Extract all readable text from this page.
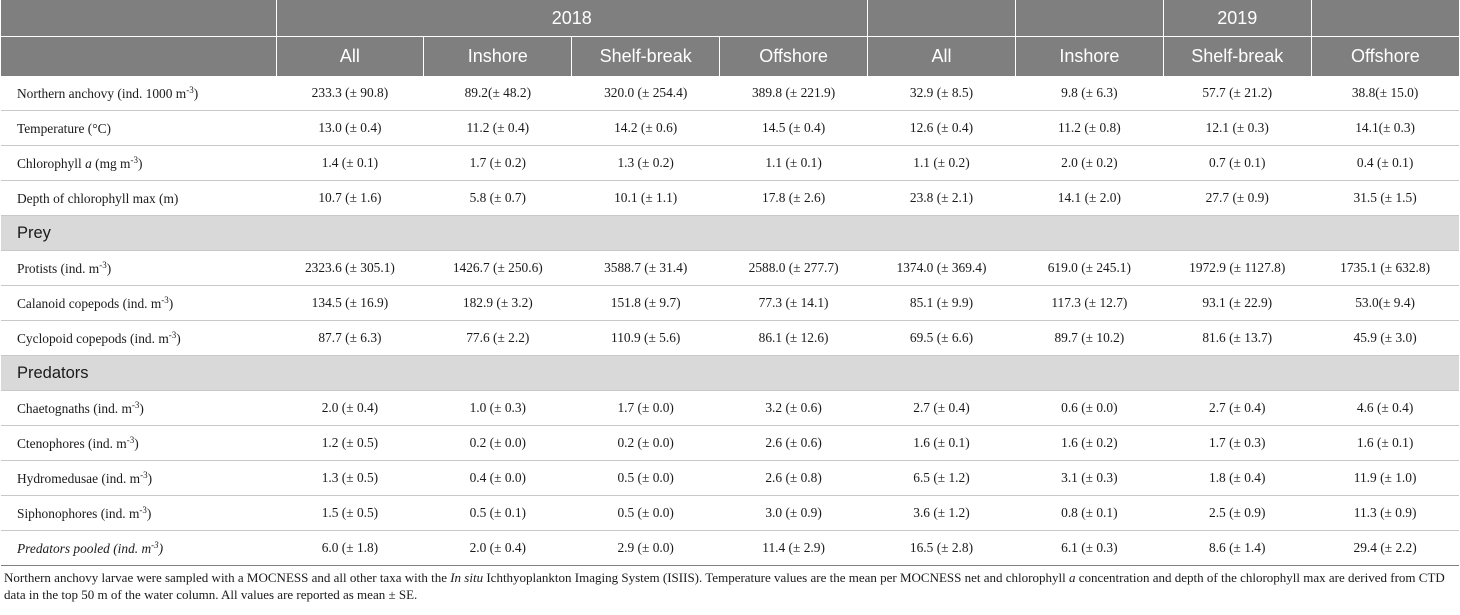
	2018						2019	
	All	Inshore	Shelf-break	Offshore	All	Inshore	Shelf-break	Offshore
Northern anchovy (ind. 1000 $m^{-3}$)	233.3 (± 90.8)	89.2(± 48.2)	320.0 (± 254.4)	389.8 (± 221.9)	32.9 (± 8.5)	9.8 (± 6.3)	57.7 (± 21.2)	38.8(± 15.0)
Temperature (°C)	13.0 (± 0.4)	11.2 (± 0.4)	14.2 (± 0.6)	14.5 (± 0.4)	12.6 (± 0.4)	11.2 (± 0.8)	12.1 (± 0.3)	14.1(± 0.3)
Chlorophyll a (mg $m^{-3}$)	1.4 (± 0.1)	1.7 (± 0.2)	1.3 (± 0.2)	1.1 (± 0.1)	1.1 (± 0.2)	2.0 (± 0.2)	0.7 (± 0.1)	0.4 (± 0.1)
Depth of chlorophyll max (m)	10.7 (± 1.6)	5.8 (± 0.7)	10.1 (± 1.1)	17.8 (± 2.6)	23.8 (± 2.1)	14.1 (± 2.0)	27.7 (± 0.9)	31.5 (± 1.5)
Prey								
Protists (ind. $m^{-3}$)	2323.6 (± 305.1)	1426.7 (± 250.6)	3588.7 (± 31.4)	2588.0 (± 277.7)	1374.0 (± 369.4)	619.0 (± 245.1)	1972.9 (± 1127.8)	1735.1 (± 632.8)
Calanoid copepods (ind. $m^{-3}$)	134.5 (± 16.9)	182.9 (± 3.2)	151.8 (± 9.7)	77.3 (± 14.1)	85.1 (± 9.9)	117.3 (± 12.7)	93.1 (± 22.9)	53.0(± 9.4)
Cyclopoid copepods (ind. $m^{-3}$)	87.7 (± 6.3)	77.6 (± 2.2)	110.9 (± 5.6)	86.1 (± 12.6)	69.5 (± 6.6)	89.7 (± 10.2)	81.6 (± 13.7)	45.9 (± 3.0)
Predators								
Chaetognaths (ind. $m^{-3}$)	2.0 (± 0.4)	1.0 (± 0.3)	1.7 (± 0.0)	3.2 (± 0.6)	2.7 (± 0.4)	0.6 (± 0.0)	2.7 (± 0.4)	4.6 (± 0.4)
Ctenophores (ind. $m^{-3}$)	1.2 (± 0.5)	0.2 (± 0.0)	0.2 (± 0.0)	2.6 (± 0.6)	1.6 (± 0.1)	1.6 (± 0.2)	1.7 (± 0.3)	1.6 (± 0.1)
Hydromedusae (ind. $m^{-3}$)	1.3 (± 0.5)	0.4 (± 0.0)	0.5 (± 0.0)	2.6 (± 0.8)	6.5 (± 1.2)	3.1 (± 0.3)	1.8 (± 0.4)	11.9 (± 1.0)
Siphonophores (ind. $m^{-3}$)	1.5 (± 0.5)	0.5 (± 0.1)	0.5 (± 0.0)	3.0 (± 0.9)	3.6 (± 1.2)	0.8 (± 0.1)	2.5 (± 0.9)	11.3 (± 0.9)
Predators pooled (ind. $m^{-3}$)	6.0 (± 1.8)	2.0 (± 0.4)	2.9 (± 0.0)	11.4 (± 2.9)	16.5 (± 2.8)	6.1 (± 0.3)	8.6 (± 1.4)	29.4 (± 2.2)
Northern anchovy larvae were sampled with a MOCNESS and all other taxa with the In situ Ichthyoplankton Imaging System (ISIIS). Temperature values are the mean per MOCNESS net and chlorophyll a concentration and depth of the chlorophyll max are derived from CTD data in the top 50 m of the water column. All values are reported as mean ± SE.
